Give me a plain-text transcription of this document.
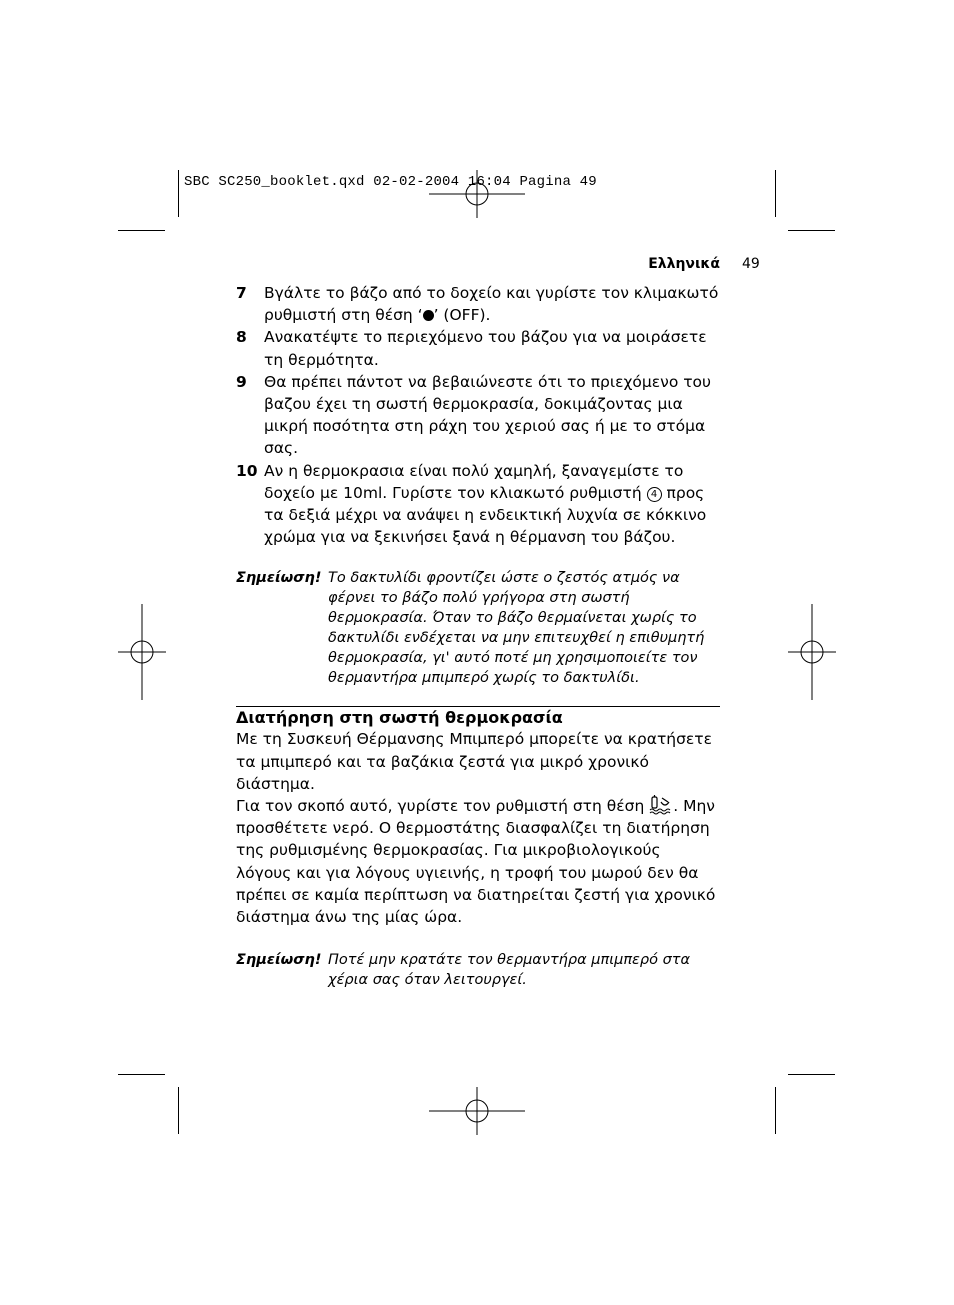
SBC SC250_booklet.qxd 02-02-2004 16:04 Pagina 49
Ελληνικά 49
7	Βγάλτε το βάζο από το δοχείο και γυρίστε τον κλιμακωτό ρυθμιστή στη θέση ‘ ’ (OFF).
8	Ανακατέψτε το περιεχόμενο του βάζου για να μοιράσετε τη θερμότητα.
9	Θα πρέπει πάντοτ να βεβαιώνεστε ότι το πριεχόμενο του βαζου έχει τη σωστή θερμοκρασία, δοκιμάζοντας μια μικρή ποσότητα στη ράχη του χεριού σας ή με το στόμα σας.
10 Αν η θερμοκρασια είναι πολύ χαμηλή, ξαναγεμίστε το δοχείο με 10ml. Γυρίστε τον κλιακωτό ρυθμιστή 4 προς τα δεξιά μέχρι να ανάψει η ενδεικτική λυχνία σε κόκκινο χρώμα για να ξεκινήσει ξανά η θέρμανση του βάζου.
Σημείωση! Το δακτυλίδι φροντίζει ώστε ο ζεστός ατμός να φέρνει το βάζο πολύ γρήγορα στη σωστή θερμοκρασία. Όταν το βάζο θερμαίνεται χωρίς το δακτυλίδι ενδέχεται να μην επιτευχθεί η επιθυμητή θερμοκρασία, γι' αυτό ποτέ μη χρησιμοποιείτε τον θερμαντήρα μπιμπερό χωρίς το δακτυλίδι.
Διατήρηση στη σωστή θερμοκρασία

Με τη Συσκευή Θέρμανσης Μπιμπερό μπορείτε να κρατήσετε τα μπιμπερό και τα βαζάκια ζεστά για μικρό χρονικό διάστημα.

Για τον σκοπό αυτό, γυρίστε τον ρυθμιστή στη θέση . Μην προσθέτετε νερό. Ο θερμοστάτης διασφαλίζει τη διατήρηση της ρυθμισμένης θερμοκρασίας. Για μικροβιολογικούς λόγους και για λόγους υγιεινής, η τροφή του μωρού δεν θα πρέπει σε καμία περίπτωση να διατηρείται ζεστή για χρονικό διάστημα άνω της μίας ώρα.

Σημείωση! Ποτέ μην κρατάτε τον θερμαντήρα μπιμπερό στα χέρια σας όταν λειτουργεί.
